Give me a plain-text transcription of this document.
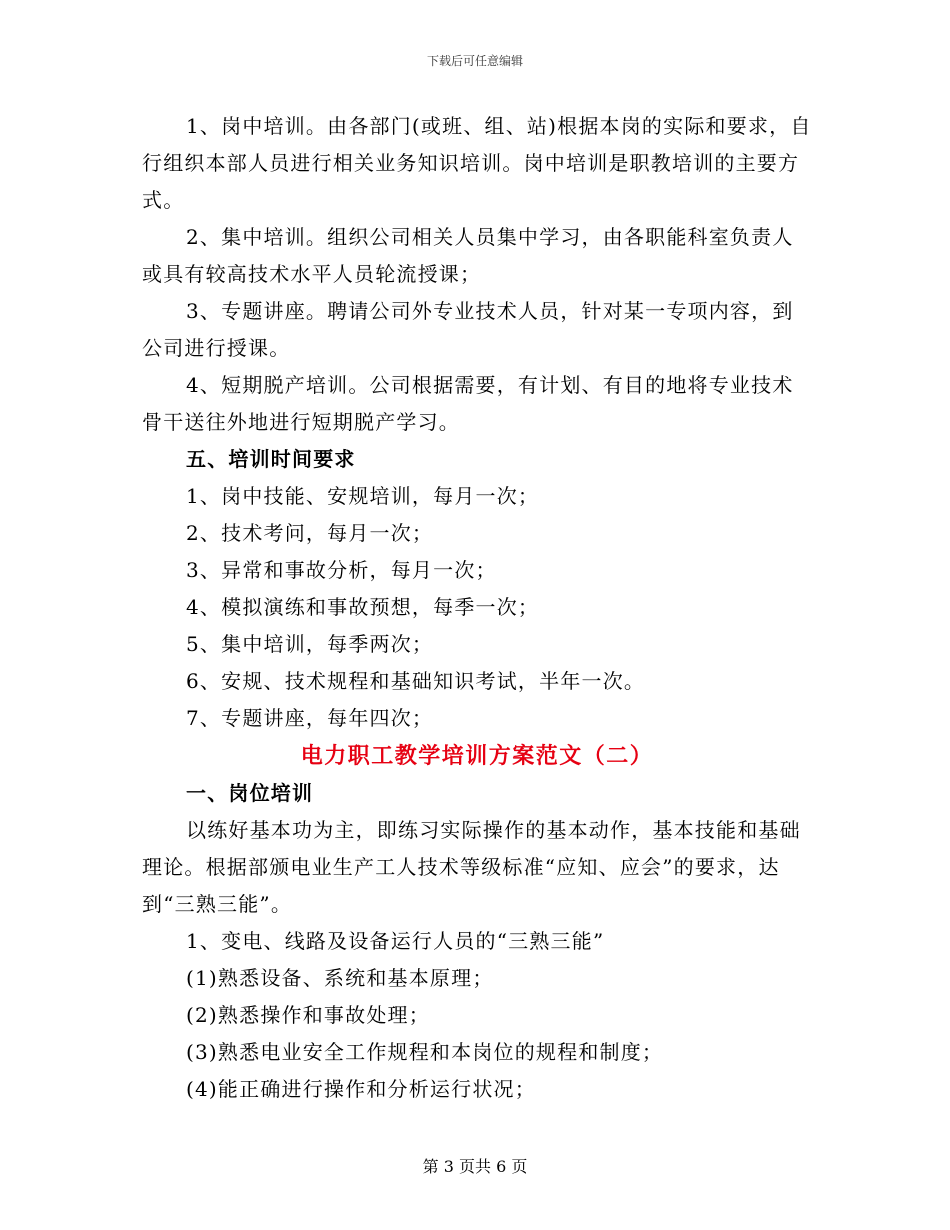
下载后可任意编辑

1、岗中培训。由各部门(或班、组、站)根据本岗的实际和要求，自行组织本部人员进行相关业务知识培训。岗中培训是职教培训的主要方式。

2、集中培训。组织公司相关人员集中学习，由各职能科室负责人或具有较高技术水平人员轮流授课；

3、专题讲座。聘请公司外专业技术人员，针对某一专项内容，到公司进行授课。

4、短期脱产培训。公司根据需要，有计划、有目的地将专业技术骨干送往外地进行短期脱产学习。

五、培训时间要求

1、岗中技能、安规培训，每月一次；

2、技术考问，每月一次；

3、异常和事故分析，每月一次；

4、模拟演练和事故预想，每季一次；

5、集中培训，每季两次；

6、安规、技术规程和基础知识考试，半年一次。

7、专题讲座，每年四次；

电力职工教学培训方案范文（二）

一、岗位培训

以练好基本功为主，即练习实际操作的基本动作，基本技能和基础理论。根据部颁电业生产工人技术等级标准“应知、应会”的要求，达到“三熟三能”。

1、变电、线路及设备运行人员的“三熟三能”

(1)熟悉设备、系统和基本原理；

(2)熟悉操作和事故处理；

(3)熟悉电业安全工作规程和本岗位的规程和制度；

(4)能正确进行操作和分析运行状况；

第 3 页共 6 页
